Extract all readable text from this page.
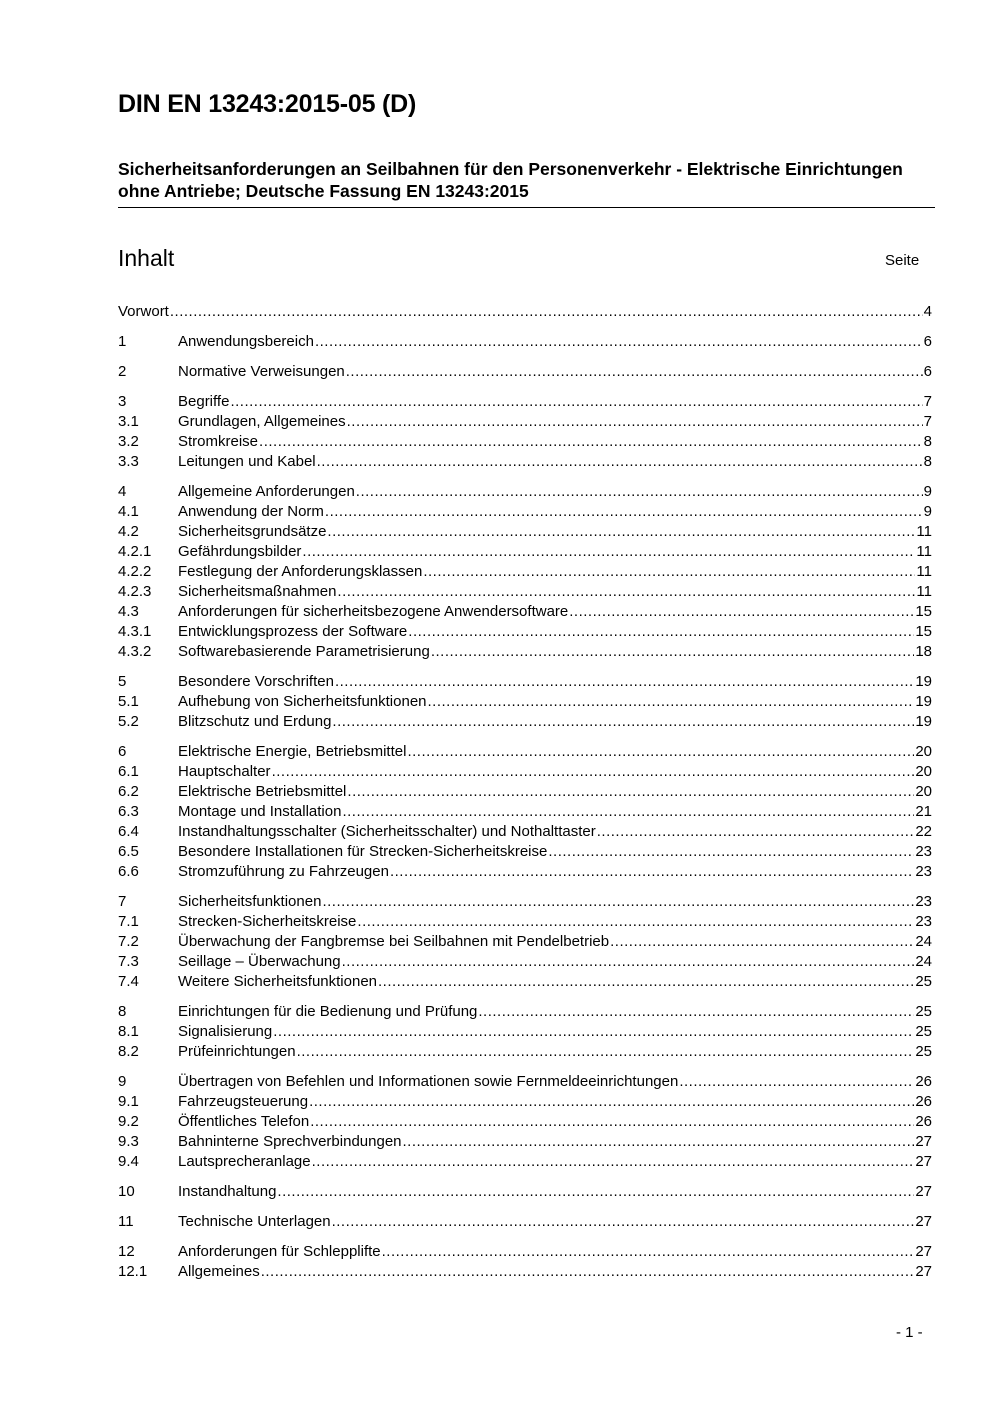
DIN EN 13243:2015-05 (D)

Sicherheitsanforderungen an Seilbahnen für den Personenverkehr - Elektrische Einrichtungen ohne Antriebe; Deutsche Fassung EN 13243:2015

Inhalt	Seite
Vorwort .....	4
1	Anwendungsbereich .....	6
2	Normative Verweisungen .....	6
3	Begriffe .....	7
3.1	Grundlagen, Allgemeines .....	7
3.2	Stromkreise .....	8
3.3	Leitungen und Kabel .....	8
4	Allgemeine Anforderungen .....	9
4.1	Anwendung der Norm .....	9
4.2	Sicherheitsgrundsätze .....	11
4.2.1	Gefährdungsbilder .....	11
4.2.2	Festlegung der Anforderungsklassen .....	11
4.2.3	Sicherheitsmaßnahmen .....	11
4.3	Anforderungen für sicherheitsbezogene Anwendersoftware .....	15
4.3.1	Entwicklungsprozess der Software .....	15
4.3.2	Softwarebasierende Parametrisierung .....	18
5	Besondere Vorschriften .....	19
5.1	Aufhebung von Sicherheitsfunktionen .....	19
5.2	Blitzschutz und Erdung .....	19
6	Elektrische Energie, Betriebsmittel .....	20
6.1	Hauptschalter .....	20
6.2	Elektrische Betriebsmittel .....	20
6.3	Montage und Installation .....	21
6.4	Instandhaltungsschalter (Sicherheitsschalter) und Nothalttaster .....	22
6.5	Besondere Installationen für Strecken-Sicherheitskreise .....	23
6.6	Stromzuführung zu Fahrzeugen .....	23
7	Sicherheitsfunktionen .....	23
7.1	Strecken-Sicherheitskreise .....	23
7.2	Überwachung der Fangbremse bei Seilbahnen mit Pendelbetrieb .....	24
7.3	Seillage – Überwachung .....	24
7.4	Weitere Sicherheitsfunktionen .....	25
8	Einrichtungen für die Bedienung und Prüfung .....	25
8.1	Signalisierung .....	25
8.2	Prüfeinrichtungen .....	25
9	Übertragen von Befehlen und Informationen sowie Fernmeldeeinrichtungen .....	26
9.1	Fahrzeugsteuerung .....	26
9.2	Öffentliches Telefon .....	26
9.3	Bahninterne Sprechverbindungen .....	27
9.4	Lautsprecheranlage .....	27
10	Instandhaltung .....	27
11	Technische Unterlagen .....	27
12	Anforderungen für Schlepplifte .....	27
12.1	Allgemeines .....	27
- 1 -
